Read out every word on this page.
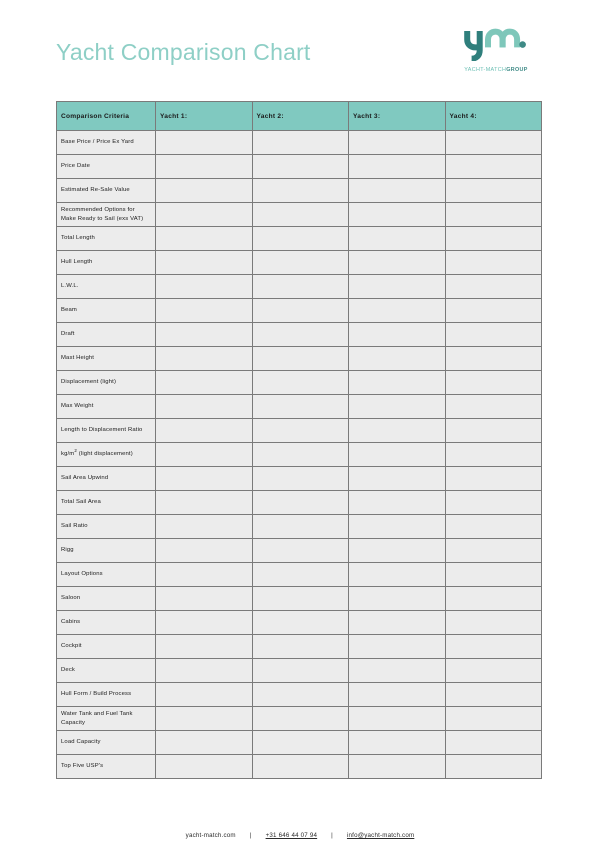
Yacht Comparison Chart
YACHT-MATCH GROUP
Comparison Criteria	Yacht 1:	Yacht 2:	Yacht 3:	Yacht 4:
Base Price / Price Ex Yard				
Price Date				
Estimated Re-Sale Value				
Recommended Options for Make Ready to Sail (exs VAT)				
Total Length				
Hull Length				
L.W.L.				
Beam				
Draft				
Mast Height				
Displacement (light)				
Max Weight				
Length to Displacement Ratio				
$kg/m^2$ (light displacement)				
Sail Area Upwind				
Total Sail Area				
Sail Ratio				
Rigg				
Layout Options				
Saloon				
Cabins				
Cockpit				
Deck				
Hull Form / Build Process				
Water Tank and Fuel Tank Capacity				
Load Capacity				
Top Five USP's				
yacht-match.com | +31 646 44 07 94 | info@yacht-match.com
